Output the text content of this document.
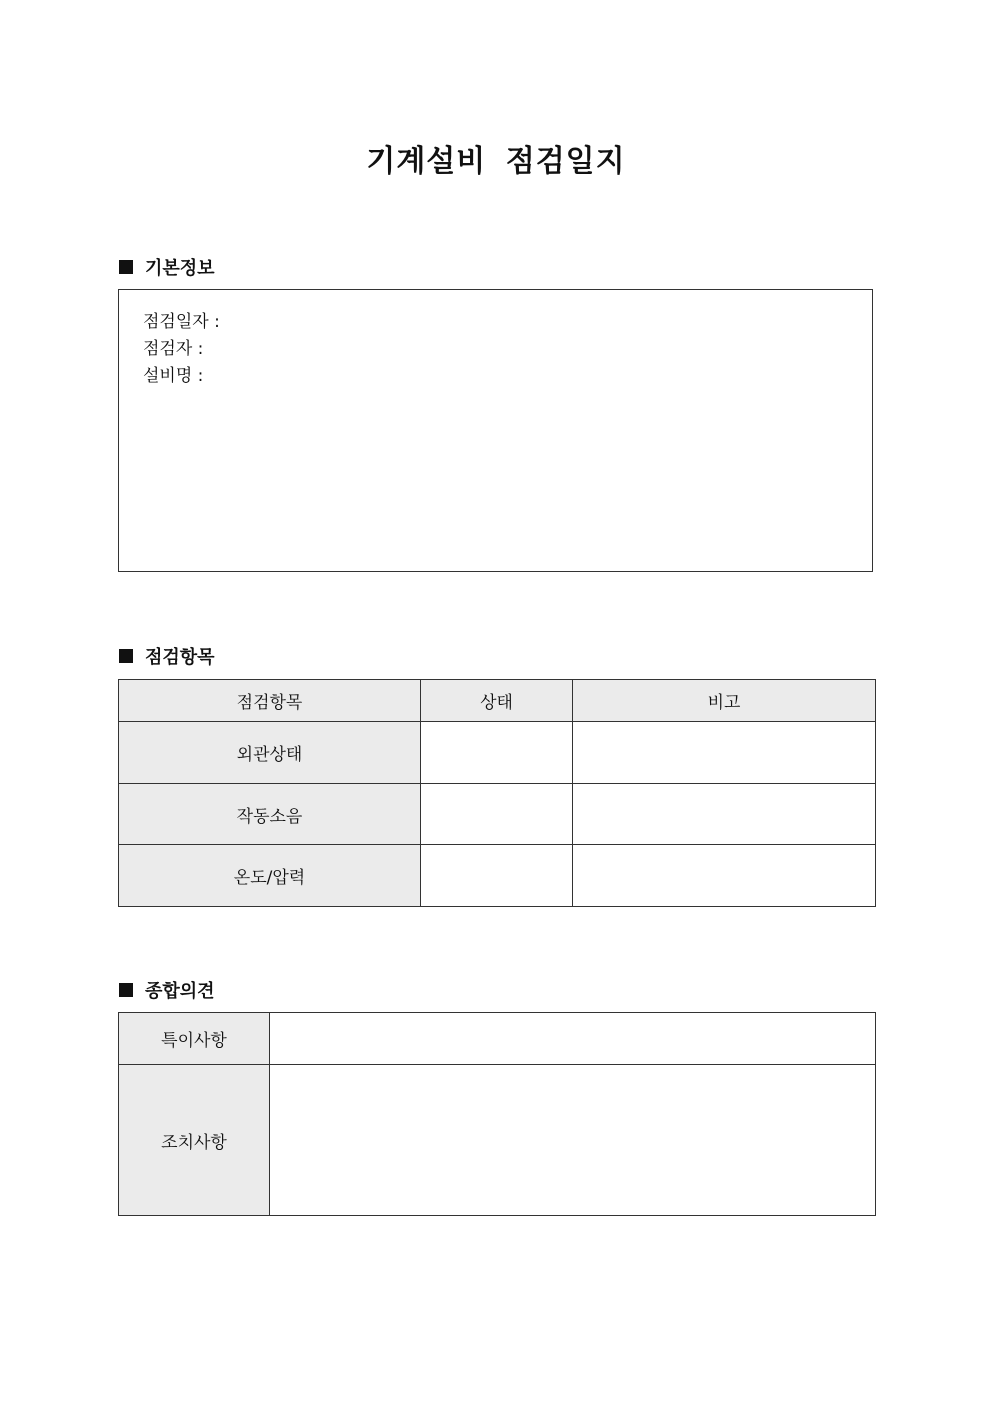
기계설비 점검일지
기본정보
점검일자 :
점검자 :
설비명 :
점검항목
점검항목	상태	비고
외관상태		
작동소음		
온도/압력		
종합의견
특이사항	
조치사항	
